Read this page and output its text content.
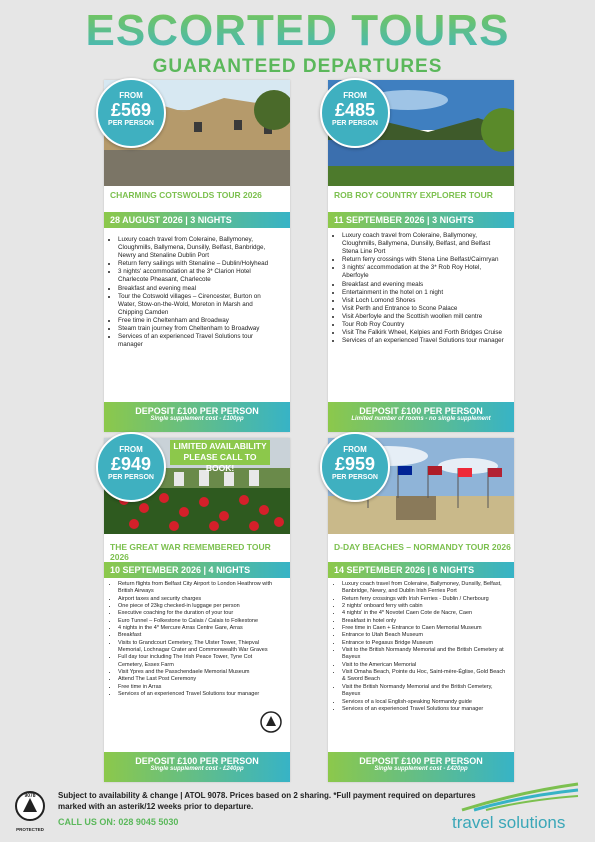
ESCORTED TOURS
GUARANTEED DEPARTURES
CHARMING COTSWOLDS TOUR 2026
28 AUGUST 2026 | 3 NIGHTS
• Luxury coach travel from Coleraine, Ballymoney, Cloughmills, Ballymena, Dunsilly, Belfast, Banbridge, Newry and Stenaline Dublin Port
• Return ferry sailings with Stenaline – Dublin/Holyhead
• 3 nights' accommodation at the 3* Clarion Hotel Charlecote Pheasant, Charlecote
• Breakfast and evening meal
• Tour the Cotswold villages – Cirencester, Burton on Water, Stow-on-the-Wold, Moreton in Marsh and Chipping Camden
• Free time in Cheltenham and Broadway
• Steam train journey from Cheltenham to Broadway
• Services of an experienced Travel Solutions tour manager
DEPOSIT £100 PER PERSON
Single supplement cost - £100pp
ROB ROY COUNTRY EXPLORER TOUR
11 SEPTEMBER 2026 | 3 NIGHTS
• Luxury coach travel from Coleraine, Ballymoney, Cloughmills, Ballymena, Dunsilly, Belfast, and Belfast Stena Line Port
• Return ferry crossings with Stena Line Belfast/Cairnryan
• 3 nights' accommodation at the 3* Rob Roy Hotel, Aberfoyle
• Breakfast and evening meals
• Entertainment in the hotel on 1 night
• Visit Loch Lomond Shores
• Visit Perth and Entrance to Scone Palace
• Visit Aberfoyle and the Scottish woollen mill centre
• Tour Rob Roy Country
• Visit The Falkirk Wheel, Kelpies and Forth Bridges Cruise
• Services of an experienced Travel Solutions tour manager
DEPOSIT £100 PER PERSON
Limited number of rooms - no single supplement
LIMITED AVAILABILITY
PLEASE CALL TO BOOK!
THE GREAT WAR REMEMBERED TOUR 2026
10 SEPTEMBER 2026 | 4 NIGHTS
• Return flights from Belfast City Airport to London Heathrow with British Airways
• Airport taxes and security charges
• One piece of 23kg checked-in luggage per person
• Executive coaching for the duration of your tour
• Euro Tunnel – Folkestone to Calais / Calais to Folkestone
• 4 nights in the 4* Mercure Arras Centre Gare, Arras
• Breakfast
• Visits to Grandcourt Cemetery, The Ulster Tower, Thiepval Memorial, Lochnagar Crater and Commonwealth War Graves
• Full day tour including The Irish Peace Tower, Tyne Cot Cemetery, Essex Farm
• Visit Ypres and the Passchendaele Memorial Museum
• Attend The Last Post Ceremony
• Free time in Arras
• Services of an experienced Travel Solutions tour manager
DEPOSIT £100 PER PERSON
Single supplement cost - £240pp
D-DAY BEACHES – NORMANDY TOUR 2026
14 SEPTEMBER 2026 | 6 NIGHTS
• Luxury coach travel from Coleraine, Ballymoney, Dunsilly, Belfast, Banbridge, Newry, and Dublin Irish Ferries Port
• Return ferry crossings with Irish Ferries - Dublin / Cherbourg
• 2 nights' onboard ferry with cabin
• 4 nights' in the 4* Novotel Caen Cote de Nacre, Caen
• Breakfast in hotel only
• Free time in Caen + Entrance to Caen Memorial Museum
• Entrance to Utah Beach Museum
• Entrance to Pegasus Bridge Museum
• Visit to the British Normandy Memorial and the British Cemetery at Bayeux
• Visit to the American Memorial
• Visit Omaha Beach, Pointe du Hoc, Saint-mère-Église, Gold Beach & Sword Beach
• Visit the British Normandy Memorial and the British Cemetery, Bayeux
• Services of a local English-speaking Normandy guide
• Services of an experienced Travel Solutions tour manager
DEPOSIT £100 PER PERSON
Single supplement cost - £420pp
FROM
£569
PER PERSON
FROM
£485
PER PERSON
FROM
£949
PER PERSON
FROM
£959
PER PERSON
9078
PROTECTED
Subject to availability & change | ATOL 9078. Prices based on 2 sharing. *Full payment required on departures marked with an asterik/12 weeks prior to departure.
CALL US ON: 028 9045 5030	travel solutions
